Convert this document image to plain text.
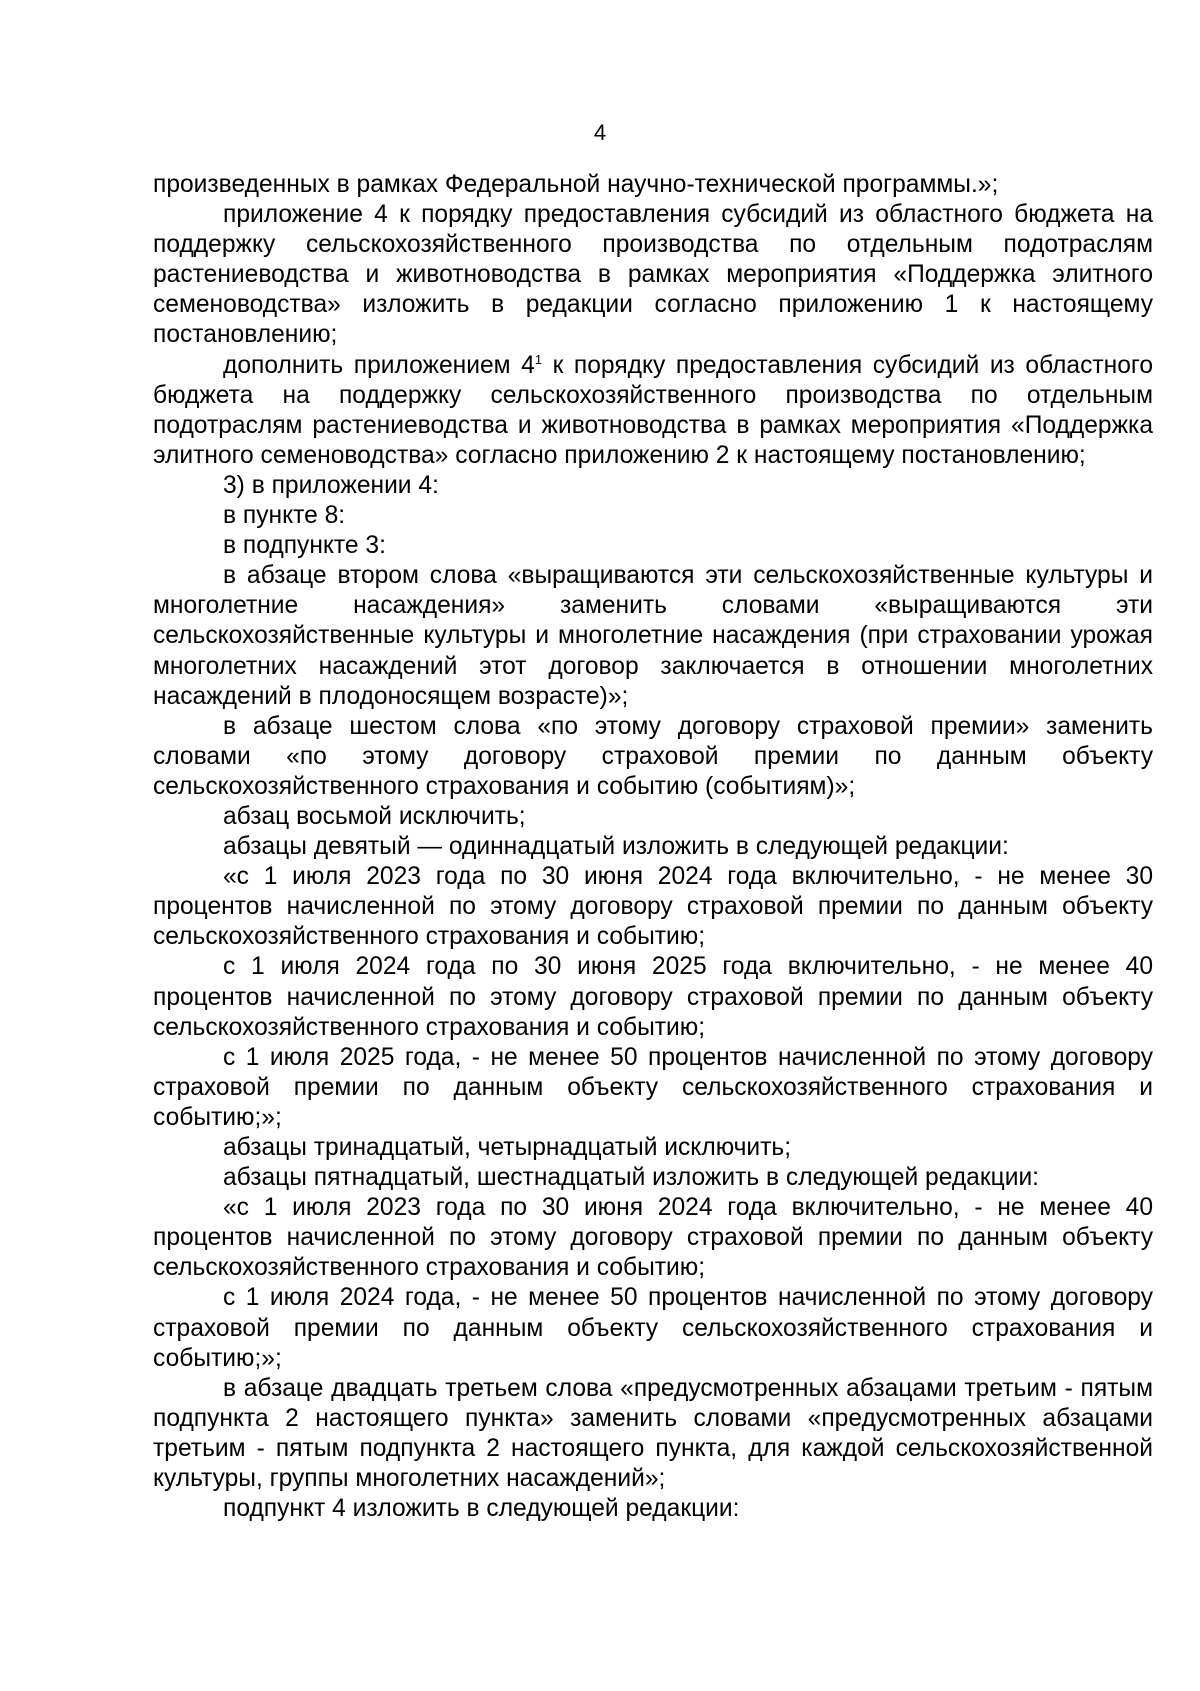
4

произведенных в рамках Федеральной научно-технической программы.»;

приложение 4 к порядку предоставления субсидий из областного бюджета на поддержку сельскохозяйственного производства по отдельным подотраслям растениеводства и животноводства в рамках мероприятия «Поддержка элитного семеноводства» изложить в редакции согласно приложению 1 к настоящему постановлению;

дополнить приложением $4^1$ к порядку предоставления субсидий из областного бюджета на поддержку сельскохозяйственного производства по отдельным подотраслям растениеводства и животноводства в рамках мероприятия «Поддержка элитного семеноводства» согласно приложению 2 к настоящему постановлению;

3) в приложении 4:

в пункте 8:

в подпункте 3:

в абзаце втором слова «выращиваются эти сельскохозяйственные культуры и многолетние насаждения» заменить словами «выращиваются эти сельскохозяйственные культуры и многолетние насаждения (при страховании урожая многолетних насаждений этот договор заключается в отношении многолетних насаждений в плодоносящем возрасте)»;

в абзаце шестом слова «по этому договору страховой премии» заменить словами «по этому договору страховой премии по данным объекту сельскохозяйственного страхования и событию (событиям)»;

абзац восьмой исключить;

абзацы девятый — одиннадцатый изложить в следующей редакции:

«с 1 июля 2023 года по 30 июня 2024 года включительно, - не менее 30 процентов начисленной по этому договору страховой премии по данным объекту сельскохозяйственного страхования и событию;

с 1 июля 2024 года по 30 июня 2025 года включительно, - не менее 40 процентов начисленной по этому договору страховой премии по данным объекту сельскохозяйственного страхования и событию;

с 1 июля 2025 года, - не менее 50 процентов начисленной по этому договору страховой премии по данным объекту сельскохозяйственного страхования и событию;»;

абзацы тринадцатый, четырнадцатый исключить;

абзацы пятнадцатый, шестнадцатый изложить в следующей редакции:

«с 1 июля 2023 года по 30 июня 2024 года включительно, - не менее 40 процентов начисленной по этому договору страховой премии по данным объекту сельскохозяйственного страхования и событию;

с 1 июля 2024 года, - не менее 50 процентов начисленной по этому договору страховой премии по данным объекту сельскохозяйственного страхования и событию;»;

в абзаце двадцать третьем слова «предусмотренных абзацами третьим - пятым подпункта 2 настоящего пункта» заменить словами «предусмотренных абзацами третьим - пятым подпункта 2 настоящего пункта, для каждой сельскохозяйственной культуры, группы многолетних насаждений»;

подпункт 4 изложить в следующей редакции:
